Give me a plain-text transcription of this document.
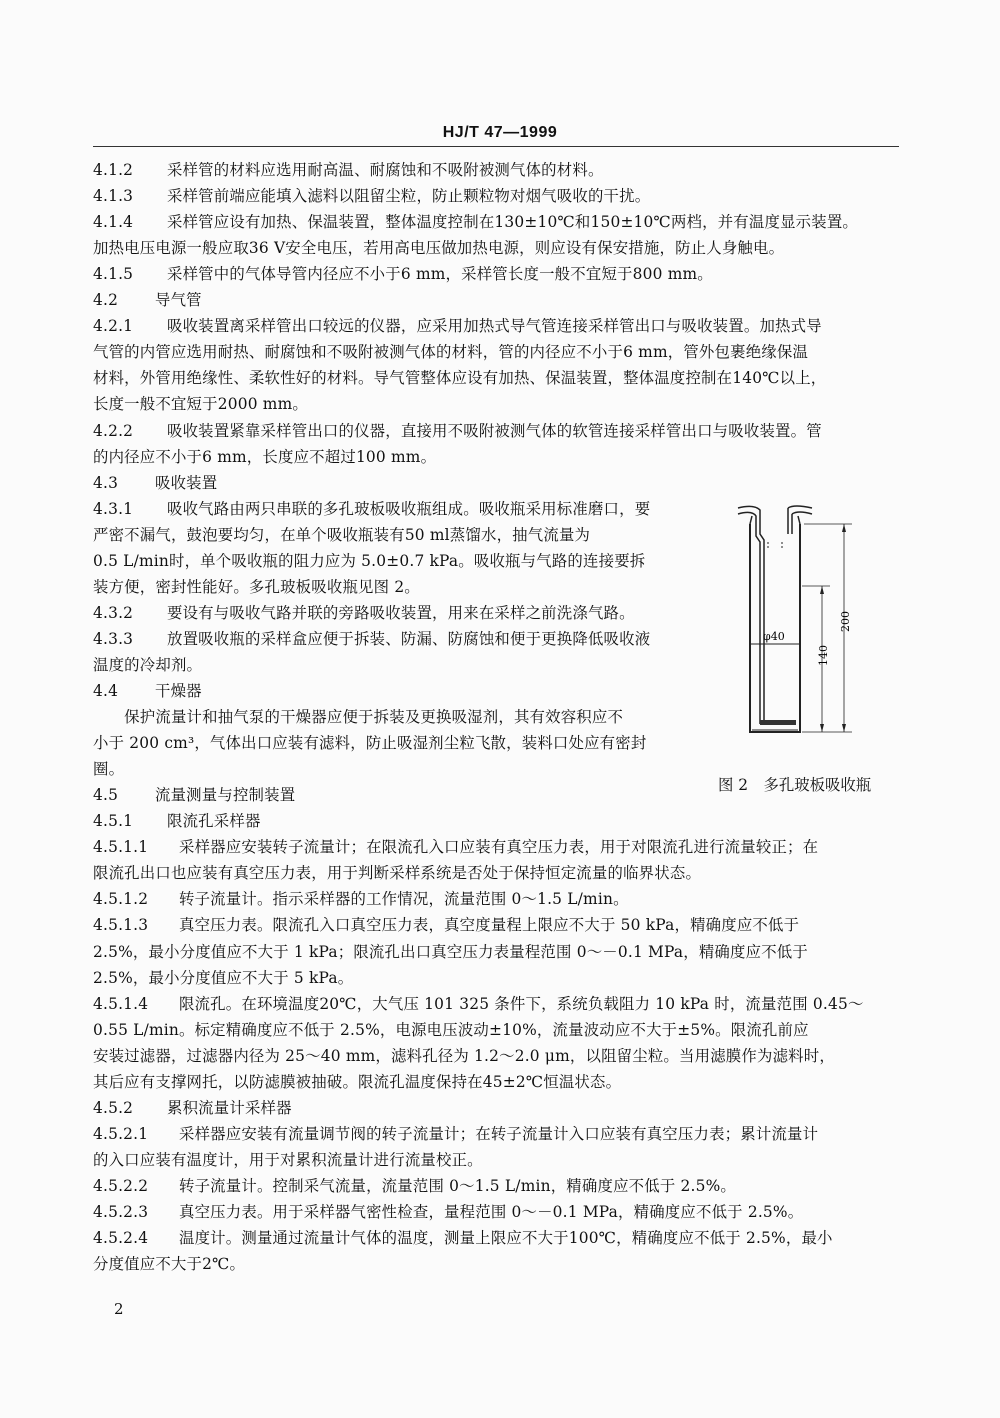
HJ/T 47—1999
4.1.2 采样管的材料应选用耐高温、耐腐蚀和不吸附被测气体的材料。
4.1.3 采样管前端应能填入滤料以阻留尘粒，防止颗粒物对烟气吸收的干扰。
4.1.4 采样管应设有加热、保温装置，整体温度控制在130±10℃和150±10℃两档，并有温度显示装置。
加热电压电源一般应取36 V安全电压，若用高电压做加热电源，则应设有保安措施，防止人身触电。
4.1.5 采样管中的气体导管内径应不小于6 mm，采样管长度一般不宜短于800 mm。
4.2 导气管
4.2.1 吸收装置离采样管出口较远的仪器，应采用加热式导气管连接采样管出口与吸收装置。加热式导
气管的内管应选用耐热、耐腐蚀和不吸附被测气体的材料，管的内径应不小于6 mm，管外包裹绝缘保温
材料，外管用绝缘性、柔软性好的材料。导气管整体应设有加热、保温装置，整体温度控制在140℃以上，
长度一般不宜短于2000 mm。
4.2.2 吸收装置紧靠采样管出口的仪器，直接用不吸附被测气体的软管连接采样管出口与吸收装置。管
的内径应不小于6 mm，长度应不超过100 mm。
4.3 吸收装置
4.3.1 吸收气路由两只串联的多孔玻板吸收瓶组成。吸收瓶采用标准磨口，要
严密不漏气，鼓泡要均匀，在单个吸收瓶装有50 ml蒸馏水，抽气流量为
0.5 L/min时，单个吸收瓶的阻力应为 5.0±0.7 kPa。吸收瓶与气路的连接要拆
装方便，密封性能好。多孔玻板吸收瓶见图 2。
4.3.2 要设有与吸收气路并联的旁路吸收装置，用来在采样之前洗涤气路。
4.3.3 放置吸收瓶的采样盒应便于拆装、防漏、防腐蚀和便于更换降低吸收液
温度的冷却剂。
4.4 干燥器
　　保护流量计和抽气泵的干燥器应便于拆装及更换吸湿剂，其有效容积应不
小于 200 cm³，气体出口应装有滤料，防止吸湿剂尘粒飞散，装料口处应有密封
圈。
4.5 流量测量与控制装置
4.5.1 限流孔采样器
4.5.1.1 采样器应安装转子流量计；在限流孔入口应装有真空压力表，用于对限流孔进行流量较正；在
限流孔出口也应装有真空压力表，用于判断采样系统是否处于保持恒定流量的临界状态。
4.5.1.2 转子流量计。指示采样器的工作情况，流量范围 0～1.5 L/min。
4.5.1.3 真空压力表。限流孔入口真空压力表，真空度量程上限应不大于 50 kPa，精确度应不低于
2.5%，最小分度值应不大于 1 kPa；限流孔出口真空压力表量程范围 0～－0.1 MPa，精确度应不低于
2.5%，最小分度值应不大于 5 kPa。
4.5.1.4 限流孔。在环境温度20℃，大气压 101 325 条件下，系统负载阻力 10 kPa 时，流量范围 0.45～
0.55 L/min。标定精确度应不低于 2.5%，电源电压波动±10%，流量波动应不大于±5%。限流孔前应
安装过滤器，过滤器内径为 25～40 mm，滤料孔径为 1.2～2.0 μm，以阻留尘粒。当用滤膜作为滤料时，
其后应有支撑网托，以防滤膜被抽破。限流孔温度保持在45±2℃恒温状态。
4.5.2 累积流量计采样器
4.5.2.1 采样器应安装有流量调节阀的转子流量计；在转子流量计入口应装有真空压力表；累计流量计
的入口应装有温度计，用于对累积流量计进行流量校正。
4.5.2.2 转子流量计。控制采气流量，流量范围 0～1.5 L/min，精确度应不低于 2.5%。
4.5.2.3 真空压力表。用于采样器气密性检查，量程范围 0～－0.1 MPa，精确度应不低于 2.5%。
4.5.2.4 温度计。测量通过流量计气体的温度，测量上限应不大于100℃，精确度应不低于 2.5%，最小
分度值应不大于2℃。
φ40
140
200
图 2　多孔玻板吸收瓶
2
